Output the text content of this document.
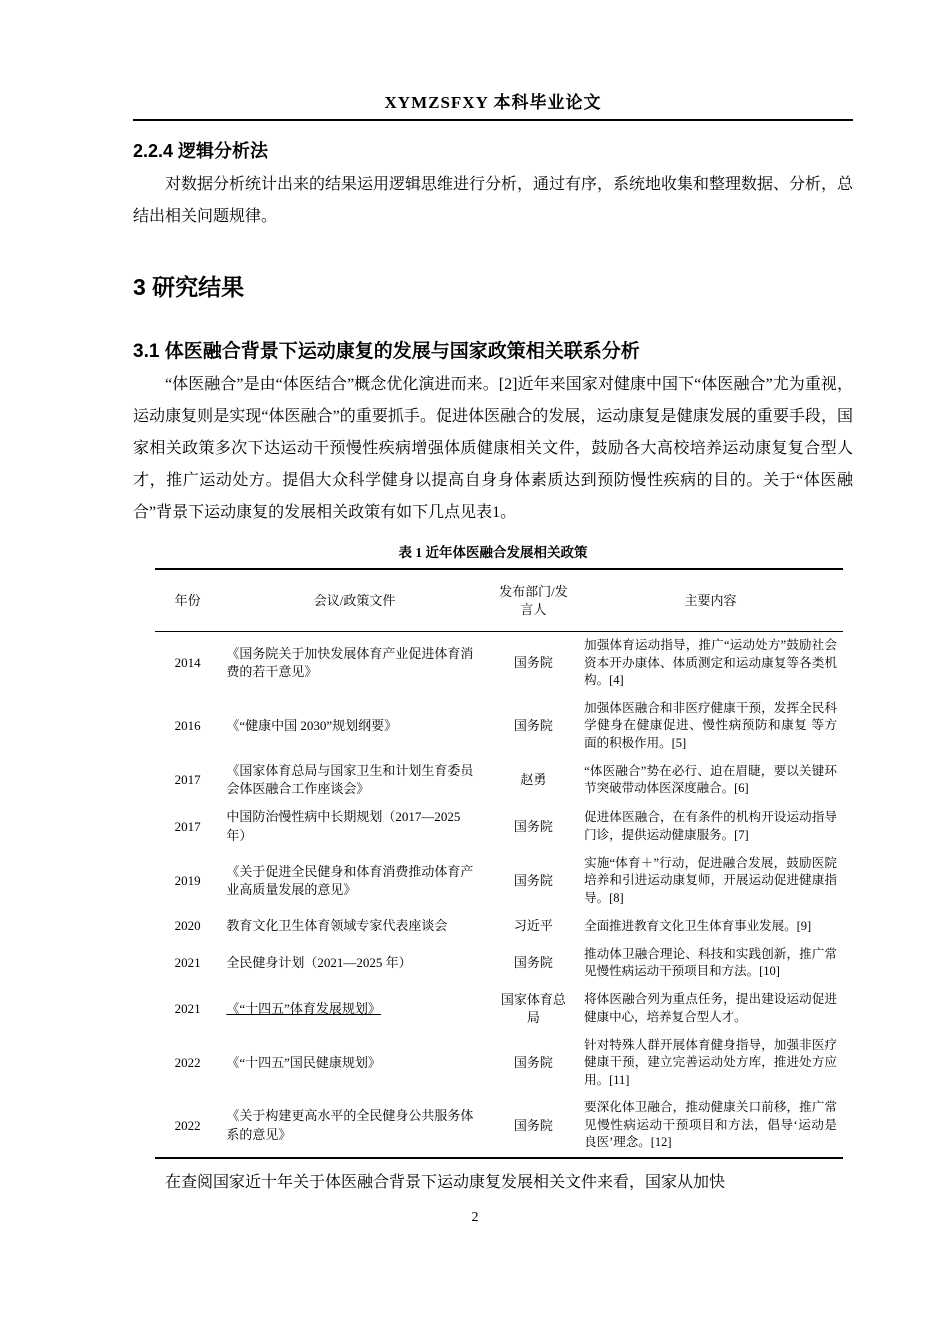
XYMZSFXY 本科毕业论文
2.2.4 逻辑分析法

对数据分析统计出来的结果运用逻辑思维进行分析，通过有序，系统地收集和整理数据、分析，总结出相关问题规律。

3 研究结果
3.1 体医融合背景下运动康复的发展与国家政策相关联系分析

“体医融合”是由“体医结合”概念优化演进而来。[2]近年来国家对健康中国下“体医融合”尤为重视，运动康复则是实现“体医融合”的重要抓手。促进体医融合的发展，运动康复是健康发展的重要手段，国家相关政策多次下达运动干预慢性疾病增强体质健康相关文件，鼓励各大高校培养运动康复复合型人才，推广运动处方。提倡大众科学健身以提高自身身体素质达到预防慢性疾病的目的。关于“体医融合”背景下运动康复的发展相关政策有如下几点见表1。

表 1 近年体医融合发展相关政策
年份	会议/政策文件	发布部门/发言人	主要内容
2014	《国务院关于加快发展体育产业促进体育消费的若干意见》	国务院	加强体育运动指导，推广“运动处方”鼓励社会资本开办康体、体质测定和运动康复等各类机构。[4]
2016	《“健康中国 2030”规划纲要》	国务院	加强体医融合和非医疗健康干预，发挥全民科学健身在健康促进、慢性病预防和康复 等方面的积极作用。[5]
2017	《国家体育总局与国家卫生和计划生育委员会体医融合工作座谈会》	赵勇	“体医融合”势在必行、迫在眉睫，要以关键环节突破带动体医深度融合。[6]
2017	中国防治慢性病中长期规划（2017—2025 年）	国务院	促进体医融合，在有条件的机构开设运动指导门诊，提供运动健康服务。[7]
2019	《关于促进全民健身和体育消费推动体育产业高质量发展的意见》	国务院	实施“体育＋”行动，促进融合发展，鼓励医院培养和引进运动康复师，开展运动促进健康指导。[8]
2020	教育文化卫生体育领域专家代表座谈会	习近平	全面推进教育文化卫生体育事业发展。[9]
2021	全民健身计划（2021—2025 年）	国务院	推动体卫融合理论、科技和实践创新，推广常见慢性病运动干预项目和方法。[10]
2021	《“十四五”体育发展规划》	国家体育总局	将体医融合列为重点任务，提出建设运动促进健康中心，培养复合型人才。
2022	《“十四五”国民健康规划》	国务院	针对特殊人群开展体育健身指导，加强非医疗健康干预，建立完善运动处方库，推进处方应用。[11]
2022	《关于构建更高水平的全民健身公共服务体系的意见》	国务院	要深化体卫融合，推动健康关口前移，推广常见慢性病运动干预项目和方法，倡导‘运动是良医’理念。[12]

在查阅国家近十年关于体医融合背景下运动康复发展相关文件来看，国家从加快

2
